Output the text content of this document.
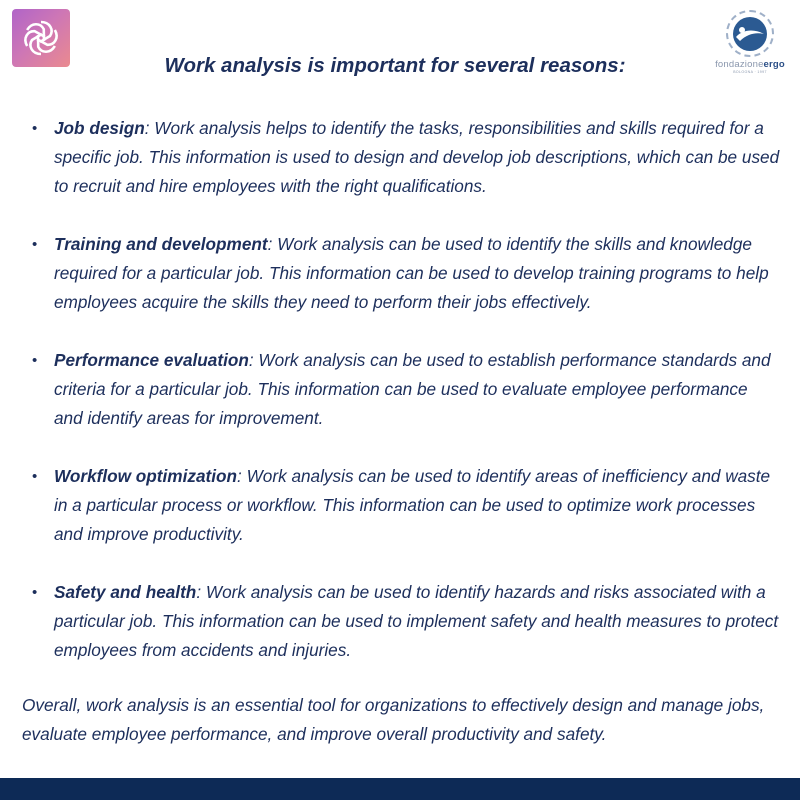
fondazioneergo
BOLOGNA · 1997
Work analysis is important for several reasons:
• Job design: Work analysis helps to identify the tasks, responsibilities and skills required for a specific job. This information is used to design and develop job descriptions, which can be used to recruit and hire employees with the right qualifications.
• Training and development: Work analysis can be used to identify the skills and knowledge required for a particular job. This information can be used to develop training programs to help employees acquire the skills they need to perform their jobs effectively.
• Performance evaluation: Work analysis can be used to establish performance standards and criteria for a particular job. This information can be used to evaluate employee performance and identify areas for improvement.
• Workflow optimization: Work analysis can be used to identify areas of inefficiency and waste in a particular process or workflow. This information can be used to optimize work processes and improve productivity.
• Safety and health: Work analysis can be used to identify hazards and risks associated with a particular job. This information can be used to implement safety and health measures to protect employees from accidents and injuries.

Overall, work analysis is an essential tool for organizations to effectively design and manage jobs, evaluate employee performance, and improve overall productivity and safety.
